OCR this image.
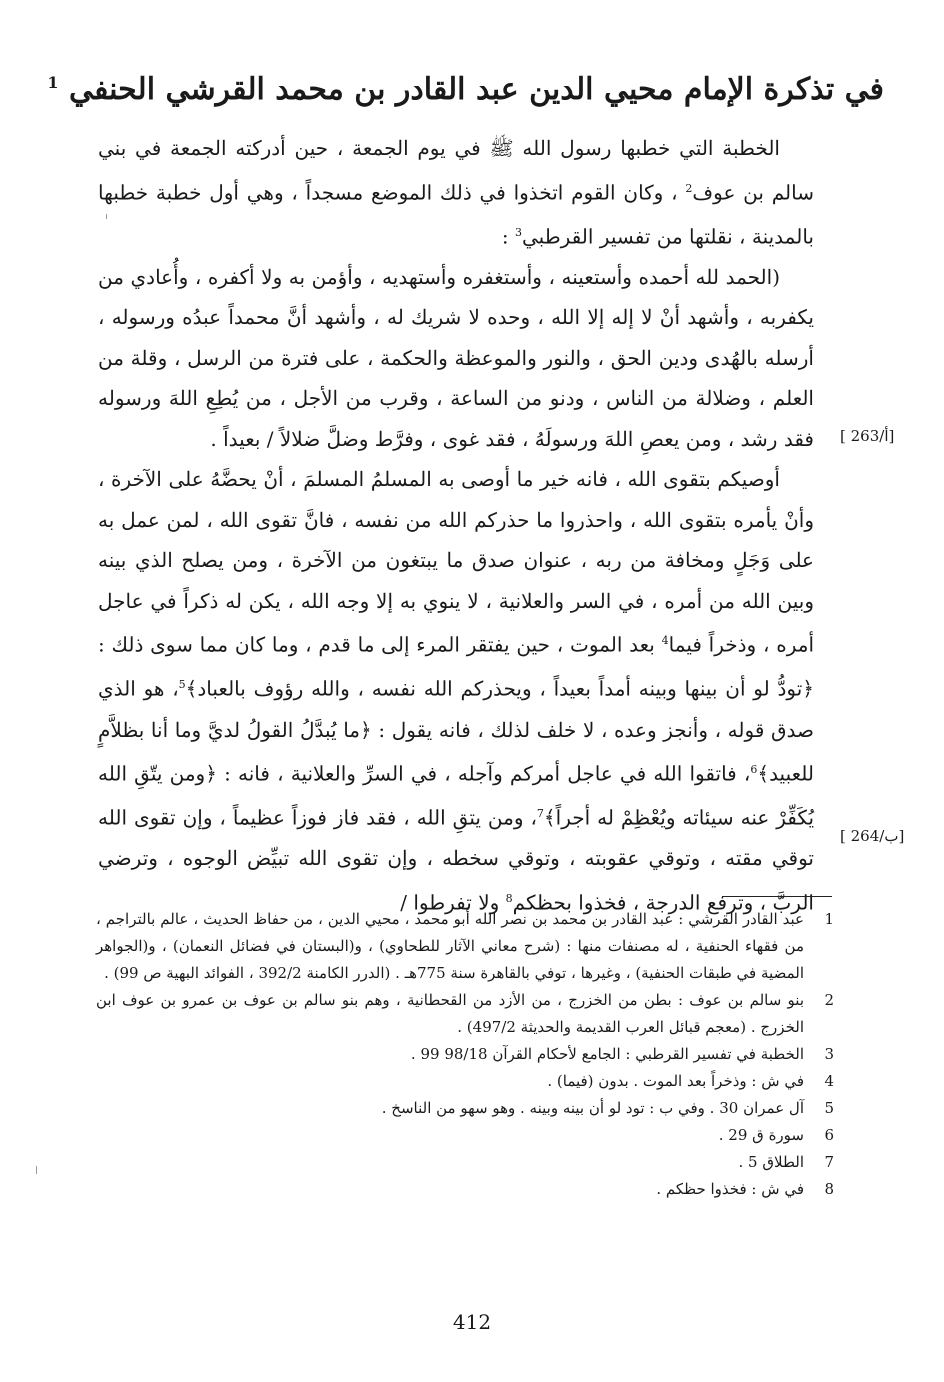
في تذكرة الإمام محيي الدين عبد القادر بن محمد القرشي الحنفي $^1$

الخطبة التي خطبها رسول الله ﷺ في يوم الجمعة ، حين أدركته الجمعة في بني سالم بن عوف$^2$ ، وكان القوم اتخذوا في ذلك الموضع مسجداً ، وهي أول خطبة خطبها بالمدينة ، نقلتها من تفسير القرطبي$^3$ :

(الحمد لله أحمده وأستعينه ، وأستغفره وأستهديه ، وأؤمن به ولا أكفره ، وأُعادي من يكفربه ، وأشهد أنْ لا إله إلا الله ، وحده لا شريك له ، وأشهد أنَّ محمداً عبدُه ورسوله ، أرسله بالهُدى ودين الحق ، والنور والموعظة والحكمة ، على فترة من الرسل ، وقلة من العلم ، وضلالة من الناس ، ودنو من الساعة ، وقرب من الأجل ، من يُطِعِ اللهَ ورسوله فقد رشد ، ومن يعصِ اللهَ ورسولَهُ ، فقد غوى ، وفرَّط وضلَّ ضلالاً / بعيداً .

أوصيكم بتقوى الله ، فانه خير ما أوصى به المسلمُ المسلمَ ، أنْ يحضَّهُ على الآخرة ، وأنْ يأمره بتقوى الله ، واحذروا ما حذركم الله من نفسه ، فانَّ تقوى الله ، لمن عمل به على وَجَلٍ ومخافة من ربه ، عنوان صدق ما يبتغون من الآخرة ، ومن يصلح الذي بينه وبين الله من أمره ، في السر والعلانية ، لا ينوي به إلا وجه الله ، يكن له ذكراً في عاجل أمره ، وذخراً فيما$^4$ بعد الموت ، حين يفتقر المرء إلى ما قدم ، وما كان مما سوى ذلك : ﴿تودُّ لو أن بينها وبينه أمداً بعيداً ، ويحذركم الله نفسه ، والله رؤوف بالعباد﴾$^5$، هو الذي صدق قوله ، وأنجز وعده ، لا خلف لذلك ، فانه يقول : ﴿ما يُبدَّلُ القولُ لديَّ وما أنا بظلاَّمٍ للعبيد﴾$^6$، فاتقوا الله في عاجل أمركم وآجله ، في السرِّ والعلانية ، فانه : ﴿ومن يتّقِ الله يُكَفِّرْ عنه سيئاته ويُعْظِمْ له أجراً﴾$^7$، ومن يتقِ الله ، فقد فاز فوزاً عظيماً ، وإن تقوى الله توقي مقته ، وتوقي عقوبته ، وتوقي سخطه ، وإن تقوى الله تبيِّض الوجوه ، وترضي الربَّ ، وترفع الدرجة ، فخذوا بحظكم$^8$ ولا تفرطوا /

[ 263/أ]
[ 264/ب]
1
عبد القادر القرشي : عبد القادر بن محمد بن نصر الله أبو محمد ، محيي الدين ، من حفاظ الحديث ، عالم بالتراجم ، من فقهاء الحنفية ، له مصنفات منها : (شرح معاني الآثار للطحاوي) ، و(البستان في فضائل النعمان) ، و(الجواهر المضية في طبقات الحنفية) ، وغيرها ، توفي بالقاهرة سنة 775هـ . (الدرر الكامنة 392/2 ، الفوائد البهية ص 99) .
2
بنو سالم بن عوف : بطن من الخزرج ، من الأزد من القحطانية ، وهم بنو سالم بن عوف بن عمرو بن عوف ابن الخزرج . (معجم قبائل العرب القديمة والحديثة 497/2) .
3
الخطبة في تفسير القرطبي : الجامع لأحكام القرآن 98/18 99 .
4
في ش : وذخراً بعد الموت . بدون (فيما) .
5
آل عمران 30 . وفي ب : تود لو أن بينه وبينه . وهو سهو من الناسخ .
6
سورة ق 29 .
7
الطلاق 5 .
8
في ش : فخذوا حظكم .
412
